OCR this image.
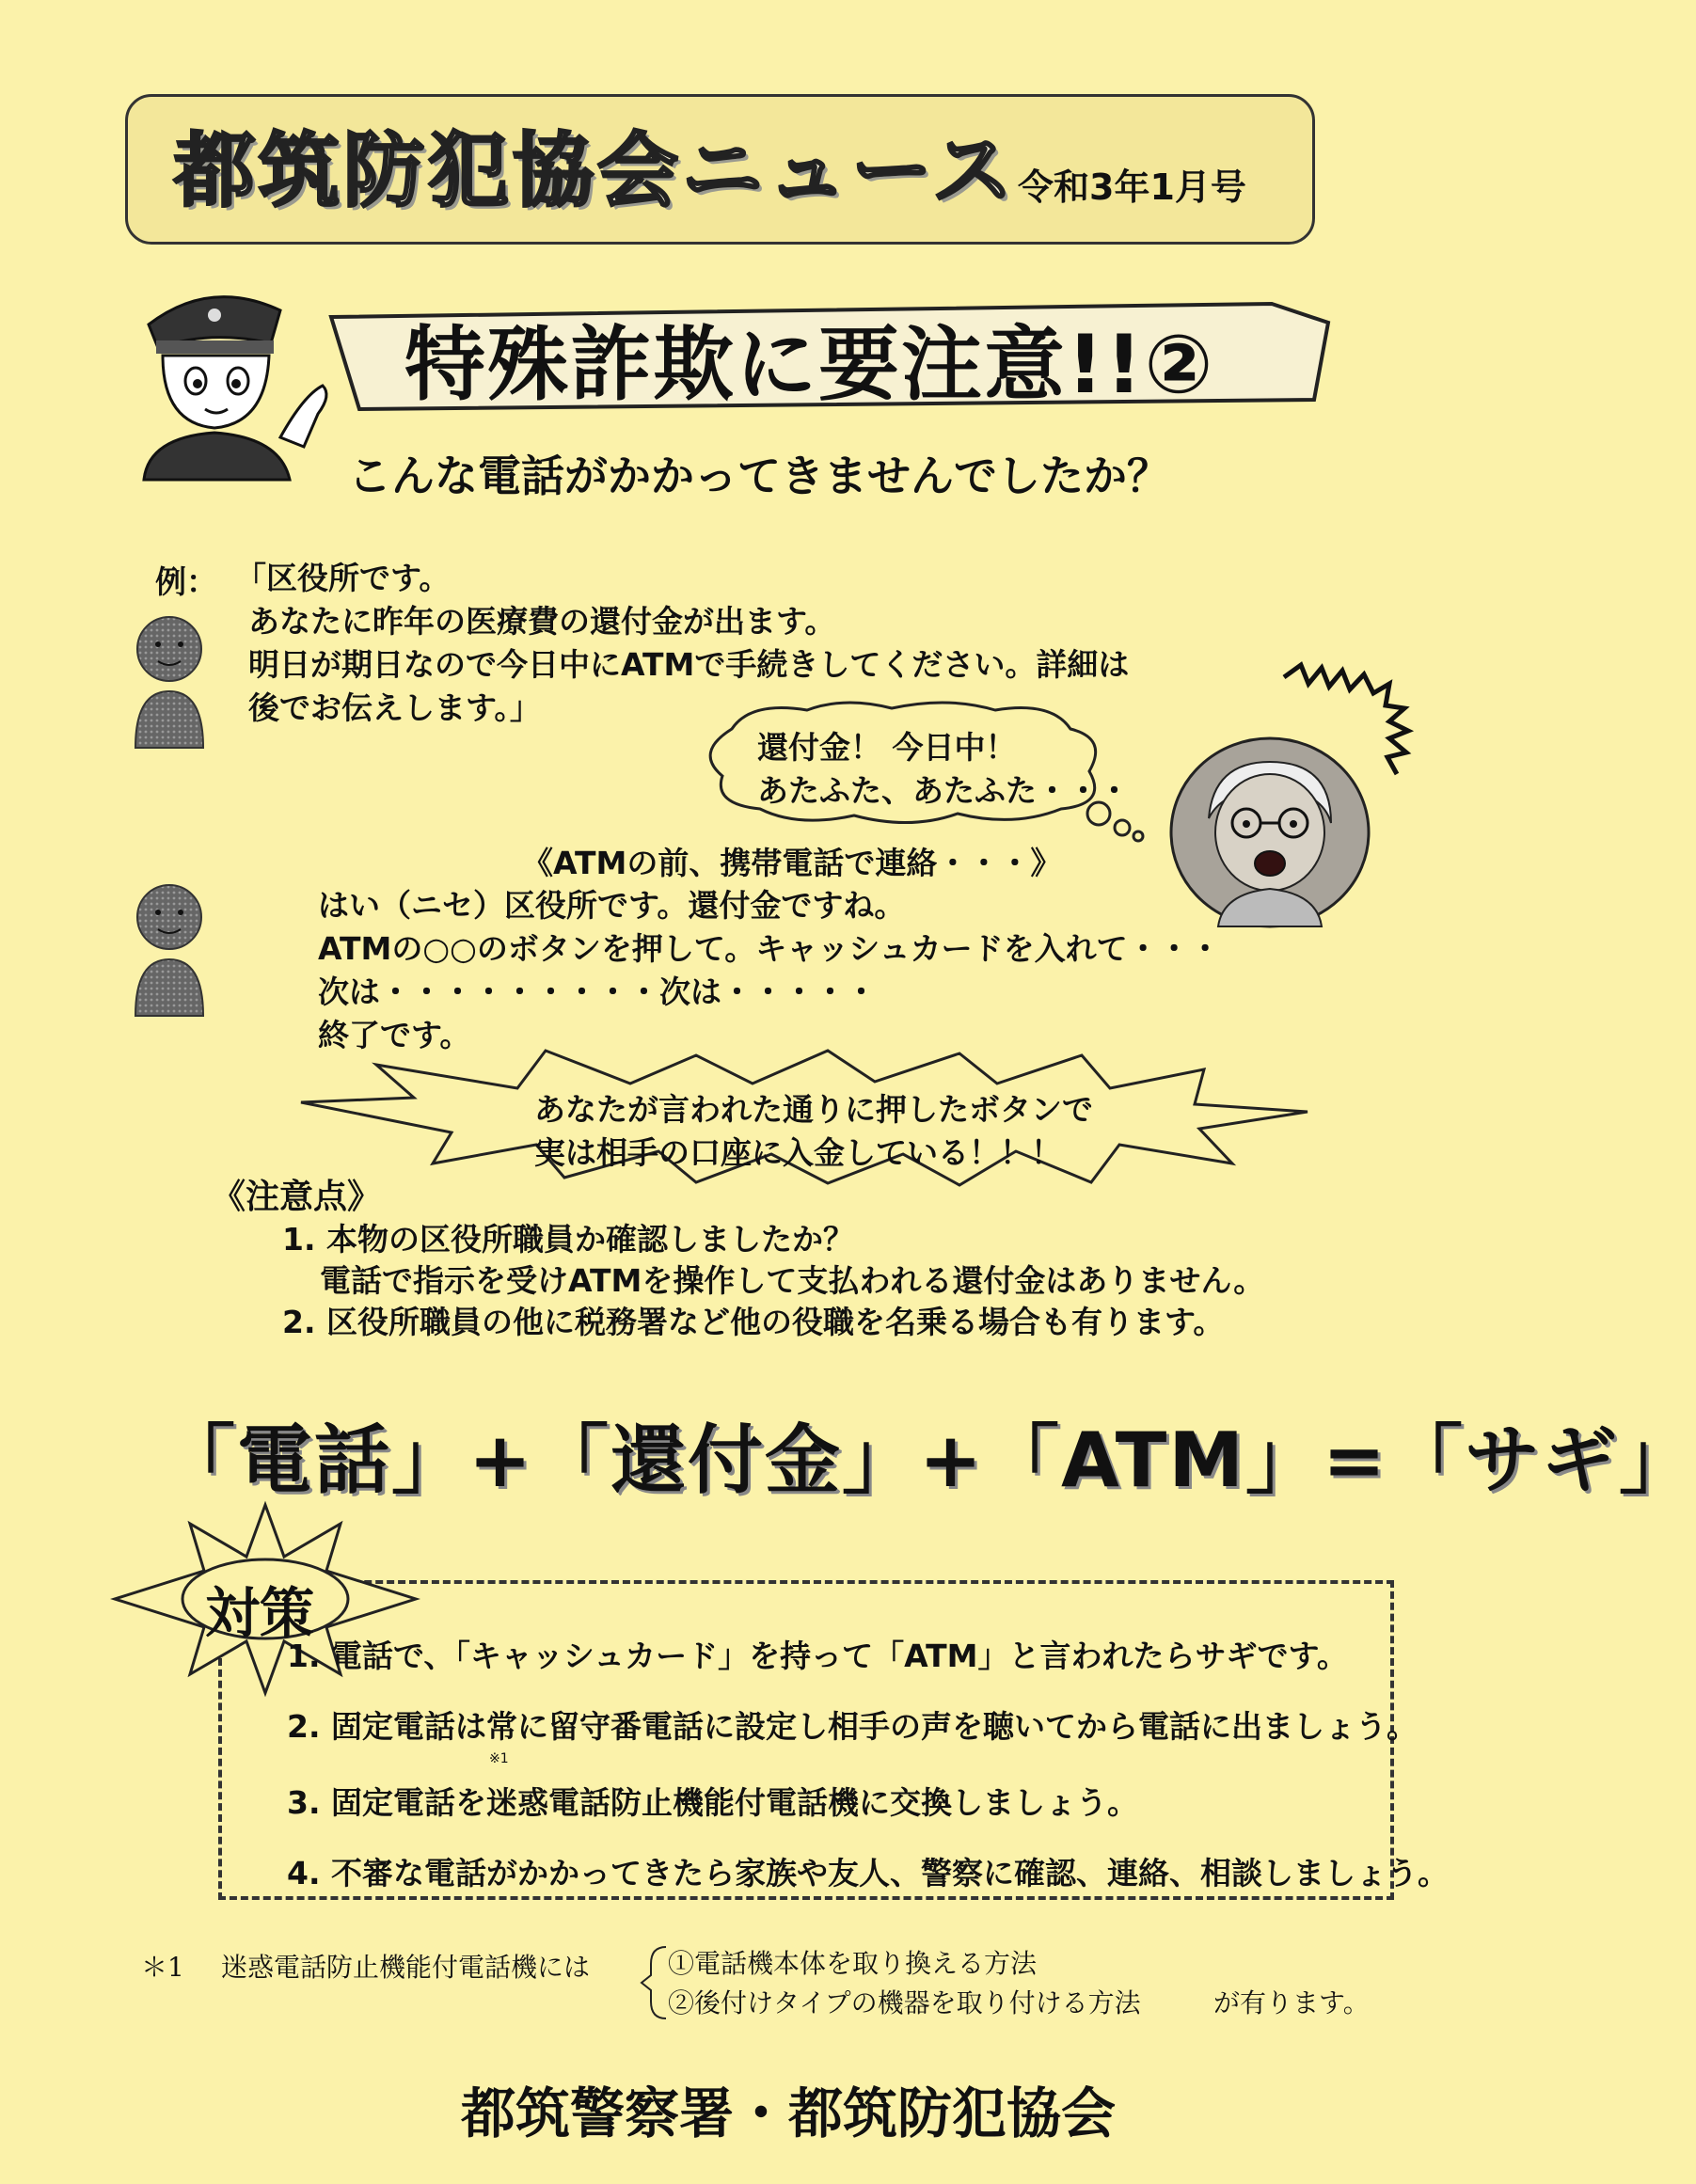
都筑防犯協会ニュース 令和3年1月号
特殊詐欺に要注意!!②
こんな電話がかかってきませんでしたか？
例： 「区役所です。
あなたに昨年の医療費の還付金が出ます。
明日が期日なので今日中にATMで手続きしてください。詳細は
後でお伝えします。」
還付金！ 今日中！
あたふた、あたふた・・・
《ATMの前、携帯電話で連絡・・・》
はい（ニセ）区役所です。還付金ですね。
ATMの○○のボタンを押して。キャッシュカードを入れて・・・
次は・・・・・・・・・次は・・・・・
終了です。
あなたが言われた通りに押したボタンで
実は相手の口座に入金している！！！
《注意点》
1. 本物の区役所職員か確認しましたか？
電話で指示を受けATMを操作して支払われる還付金はありません。
2. 区役所職員の他に税務署など他の役職を名乗る場合も有ります。
「電話」+「還付金」+「ATM」=「サギ」
対策
1. 電話で、「キャッシュカード」を持って「ATM」と言われたらサギです。
2. 固定電話は常に留守番電話に設定し相手の声を聴いてから電話に出ましょう。
3. 固定電話を迷惑電話防止機能付電話機に交換しましょう。
4. 不審な電話がかかってきたら家族や友人、警察に確認、連絡、相談しましょう。
※1
＊1 迷惑電話防止機能付電話機には	①電話機本体を取り換える方法
②後付けタイプの機器を取り付ける方法	が有ります。
都筑警察署・都筑防犯協会
